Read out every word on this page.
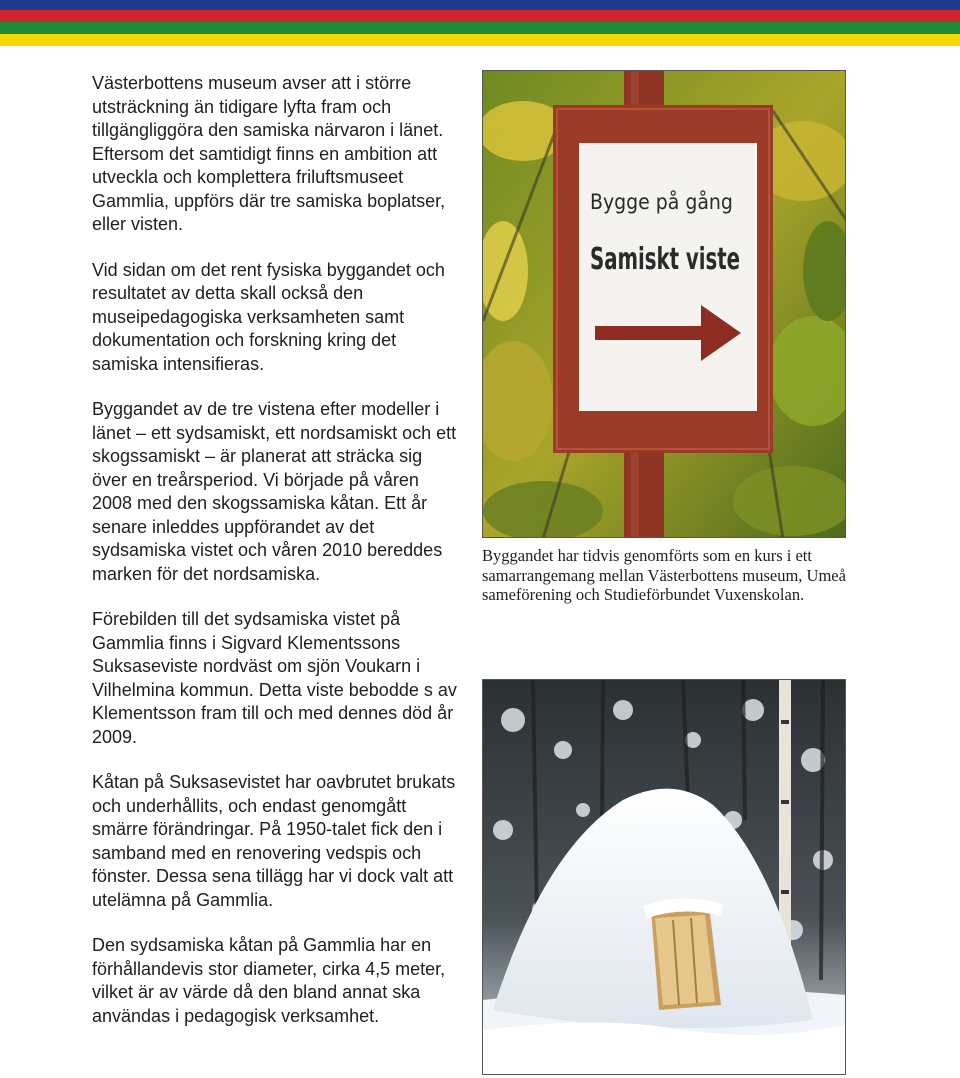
Västerbottens museum avser att i större utsträckning än tidigare lyfta fram och tillgängliggöra den samiska närvaron i länet. Eftersom det samtidigt finns en ambition att utveckla och komplettera friluftsmuseet Gammlia, uppförs där tre samiska boplatser, eller visten.

Vid sidan om det rent fysiska byggandet och resultatet av detta skall också den museipedagogiska verksamheten samt dokumentation och forskning kring det samiska intensifieras.

Byggandet av de tre vistena efter modeller i länet – ett sydsamiskt, ett nordsamiskt och ett skogssamiskt – är planerat att sträcka sig över en treårsperiod. Vi började på våren 2008 med den skogssamiska kåtan. Ett år senare inleddes uppförandet av det sydsamiska vistet och våren 2010 bereddes marken för det nordsamiska.

Förebilden till det sydsamiska vistet på Gammlia finns i Sigvard Klementssons Suksaseviste nordväst om sjön Voukarn i Vilhelmina kommun. Detta viste bebodde s av Klementsson fram till och med dennes död år 2009.

Kåtan på Suksasevistet har oavbrutet brukats och underhållits, och endast genomgått smärre förändringar. På 1950-talet fick den i samband med en renovering vedspis och fönster. Dessa sena tillägg har vi dock valt att utelämna på Gammlia.

Den sydsamiska kåtan på Gammlia har en förhållandevis stor diameter, cirka 4,5 meter, vilket är av värde då den bland annat ska användas i pedagogisk verksamhet.

Bygge på gång
Samiskt viste
Byggandet har tidvis genomförts som en kurs i ett samarrangemang mellan Västerbottens museum, Umeå sameförening och Studieförbundet Vuxenskolan.
